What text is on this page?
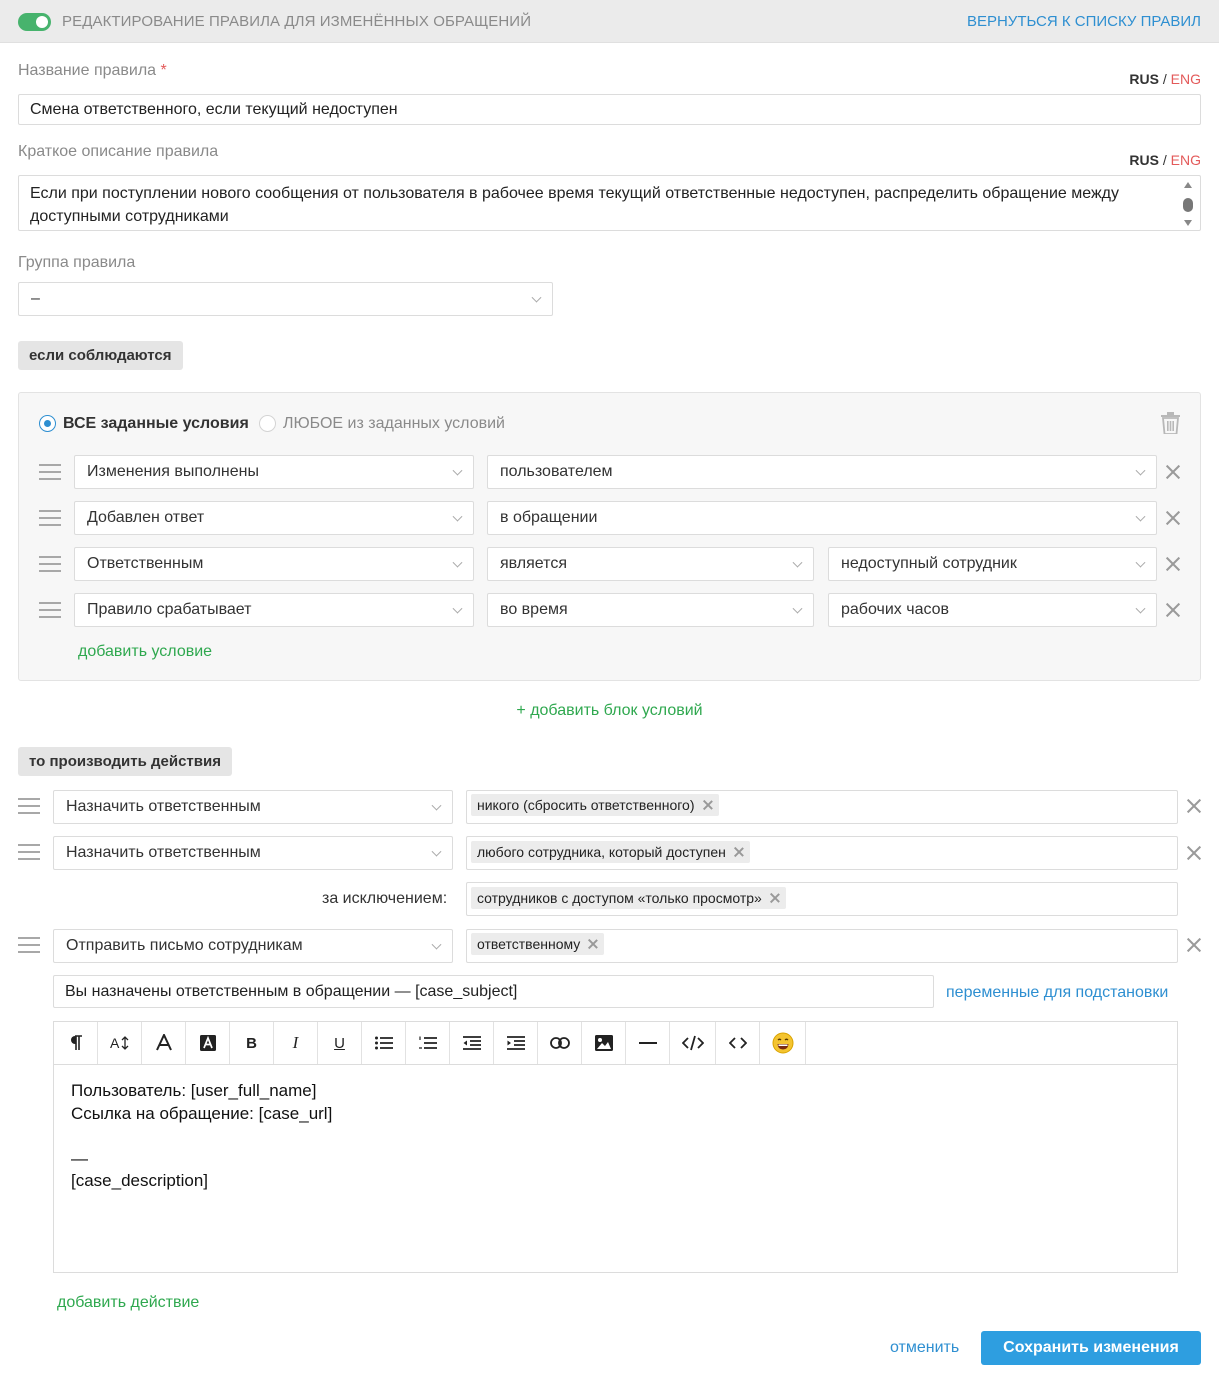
РЕДАКТИРОВАНИЕ ПРАВИЛА ДЛЯ ИЗМЕНЁННЫХ ОБРАЩЕНИЙ	ВЕРНУТЬСЯ К СПИСКУ ПРАВИЛ
Название правила *	RUS / ENG
Смена ответственного, если текущий недоступен
Краткое описание правила	RUS / ENG
Если при поступлении нового сообщения от пользователя в рабочее время текущий ответственные недоступен, распределить обращение между доступными сотрудниками
Группа правила
–
если соблюдаются
ВСЕ заданные условия ЛЮБОЕ из заданных условий
Изменения выполнены	пользователем
Добавлен ответ	в обращении
Ответственным	является	недоступный сотрудник
Правило срабатывает	во время	рабочих часов
добавить условие
+ добавить блок условий
то производить действия
Назначить ответственным	никого (сбросить ответственного)
Назначить ответственным	любого сотрудника, который доступен
за исключением: сотрудников с доступом «только просмотр»
Отправить письмо сотрудникам	ответственному
Вы назначены ответственным в обращении — [case_subject]	переменные для подстановки
A	B	I	U
Пользователь: [user_full_name]
Ссылка на обращение: [case_url]
—
[case_description]
добавить действие
отменить	Сохранить изменения
